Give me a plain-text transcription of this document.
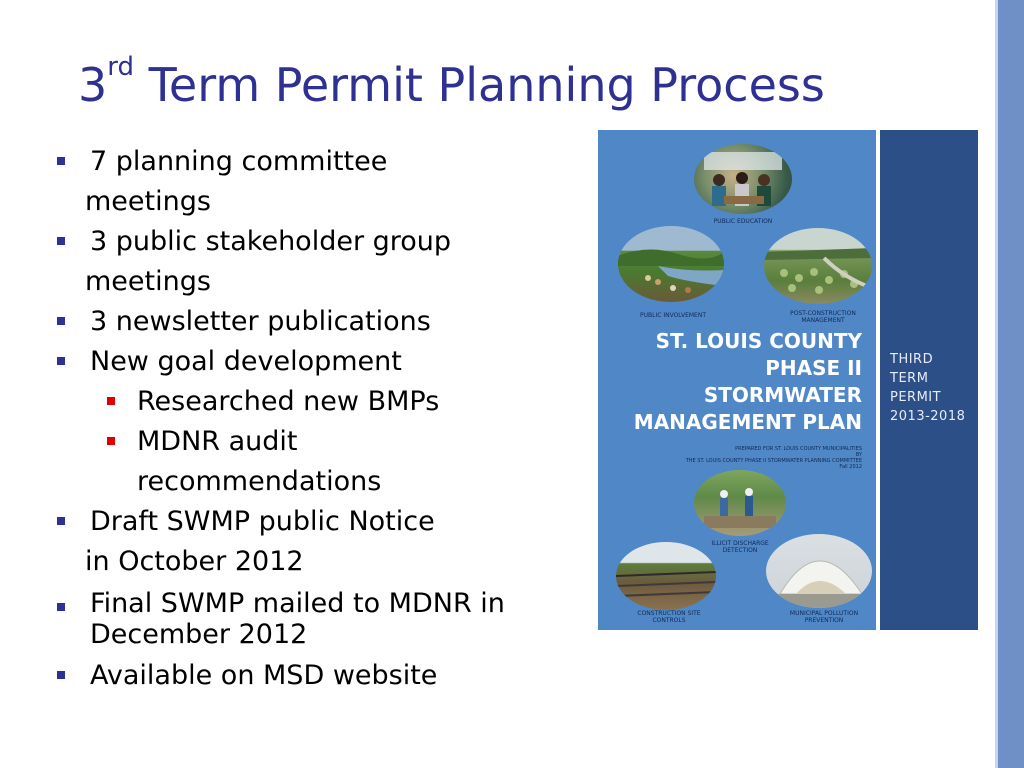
3rd Term Permit Planning Process
7 planning committee
meetings
3 public stakeholder group
meetings
3 newsletter publications
New goal development
Researched new BMPs
MDNR audit
recommendations
Draft SWMP public Notice
in October 2012
Final SWMP mailed to MDNR in
December 2012
Available on MSD website
PUBLIC EDUCATION
PUBLIC INVOLVEMENT	POST-CONSTRUCTION
MANAGEMENT
ST. LOUIS COUNTY
PHASE II
STORMWATER
MANAGEMENT PLAN
PREPARED FOR ST. LOUIS COUNTY MUNICIPALITIES
BY
THE ST. LOUIS COUNTY PHASE II STORMWATER PLANNING COMMITTEE
Fall 2012
ILLICIT DISCHARGE
DETECTION
CONSTRUCTION SITE
CONTROLS
MUNICIPAL POLLUTION
PREVENTION
THIRD
TERM
PERMIT
2013-2018
